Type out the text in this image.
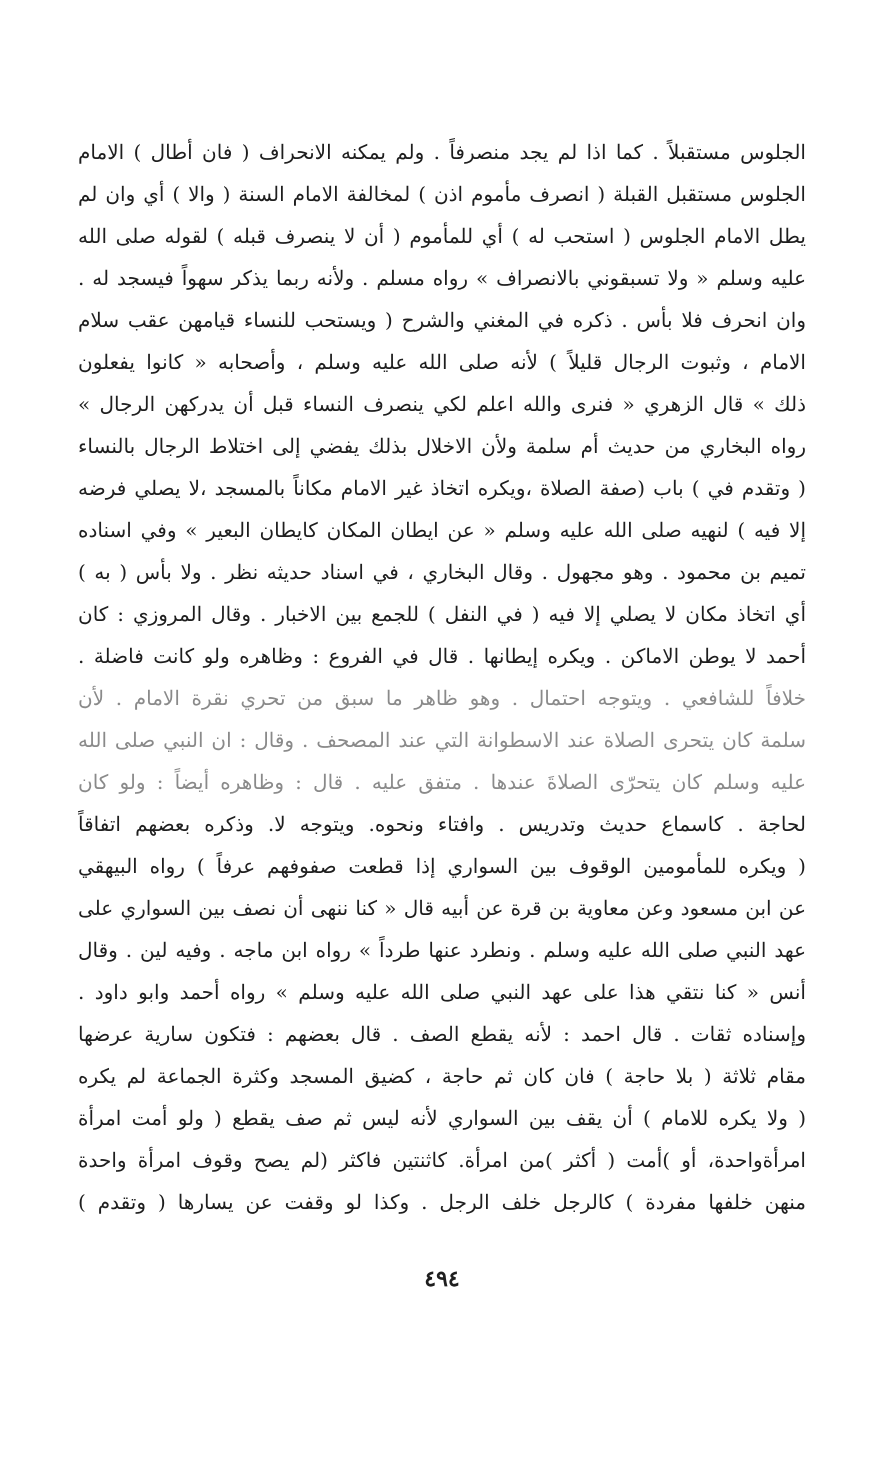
الجلوس مستقبلاً . كما اذا لم يجد منصرفاً . ولم يمكنه الانحراف ( فان أطال ) الامام
الجلوس مستقبل القبلة ( انصرف مأموم اذن ) لمخالفة الامام السنة ( والا ) أي وان لم
يطل الامام الجلوس ( استحب له ) أي للمأموم ( أن لا ينصرف قبله ) لقوله صلى الله
عليه وسلم « ولا تسبقوني بالانصراف » رواه مسلم . ولأنه ربما يذكر سهواً فيسجد له .
وان انحرف فلا بأس . ذكره في المغني والشرح ( ويستحب للنساء قيامهن عقب سلام
الامام ، وثبوت الرجال قليلاً ) لأنه صلى الله عليه وسلم ، وأصحابه « كانوا يفعلون
ذلك » قال الزهري « فنرى والله اعلم لكي ينصرف النساء قبل أن يدركهن الرجال »
رواه البخاري من حديث أم سلمة ولأن الاخلال بذلك يفضي إلى اختلاط الرجال بالنساء
( وتقدم في ) باب (صفة الصلاة ،ويكره اتخاذ غير الامام مكاناً بالمسجد ،لا يصلي فرضه
إلا فيه ) لنهيه صلى الله عليه وسلم « عن ايطان المكان كايطان البعير » وفي اسناده
تميم بن محمود . وهو مجهول . وقال البخاري ، في اسناد حديثه نظر . ولا بأس ( به )
أي اتخاذ مكان لا يصلي إلا فيه ( في النفل ) للجمع بين الاخبار . وقال المروزي : كان
أحمد لا يوطن الاماكن . ويكره إيطانها . قال في الفروع : وظاهره ولو كانت فاضلة .
خلافاً للشافعي . ويتوجه احتمال . وهو ظاهر ما سبق من تحري نقرة الامام . لأن
سلمة كان يتحرى الصلاة عند الاسطوانة التي عند المصحف . وقال : ان النبي صلى الله
عليه وسلم كان يتحرّى الصلاةَ عندها . متفق عليه . قال : وظاهره أيضاً : ولو كان
لحاجة . كاسماع حديث وتدريس . وافتاء ونحوه. ويتوجه لا. وذكره بعضهم اتفاقاً
( ويكره للمأمومين الوقوف بين السواري إذا قطعت صفوفهم عرفاً ) رواه البيهقي
عن ابن مسعود وعن معاوية بن قرة عن أبيه قال « كنا ننهى أن نصف بين السواري على
عهد النبي صلى الله عليه وسلم . ونطرد عنها طرداً » رواه ابن ماجه . وفيه لين . وقال
أنس « كنا نتقي هذا على عهد النبي صلى الله عليه وسلم » رواه أحمد وابو داود .
وإسناده ثقات . قال احمد : لأنه يقطع الصف . قال بعضهم : فتكون سارية عرضها
مقام ثلاثة ( بلا حاجة ) فان كان ثم حاجة ، كضيق المسجد وكثرة الجماعة لم يكره
( ولا يكره للامام ) أن يقف بين السواري لأنه ليس ثم صف يقطع ( ولو أمت امرأة
امرأةواحدة، أو )أمت ( أكثر )من امرأة. كاثنتين فاكثر (لم يصح وقوف امرأة واحدة
منهن خلفها مفردة ) كالرجل خلف الرجل . وكذا لو وقفت عن يسارها ( وتقدم )
٤٩٤
